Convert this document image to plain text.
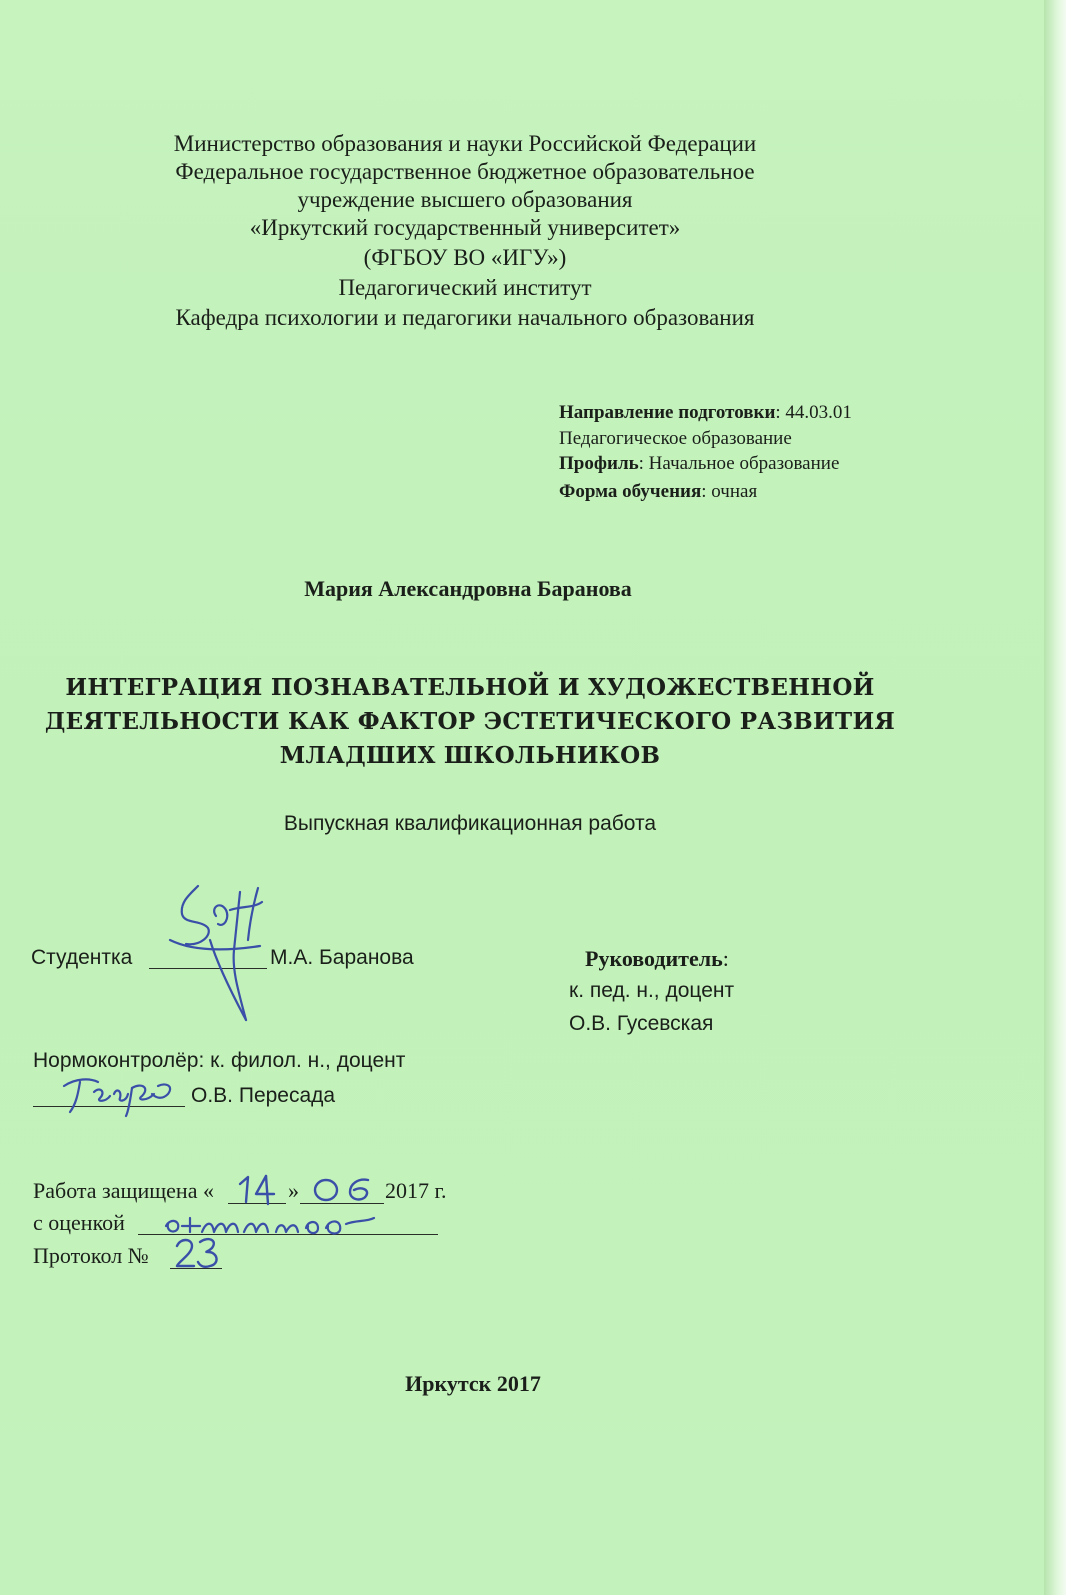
Министерство образования и науки Российской Федерации
Федеральное государственное бюджетное образовательное
учреждение высшего образования
«Иркутский государственный университет»
(ФГБОУ ВО «ИГУ»)
Педагогический институт
Кафедра психологии и педагогики начального образования
Направление подготовки: 44.03.01
Педагогическое образование
Профиль: Начальное образование
Форма обучения: очная
Мария Александровна Баранова
ИНТЕГРАЦИЯ ПОЗНАВАТЕЛЬНОЙ И ХУДОЖЕСТВЕННОЙ
ДЕЯТЕЛЬНОСТИ КАК ФАКТОР ЭСТЕТИЧЕСКОГО РАЗВИТИЯ
МЛАДШИХ ШКОЛЬНИКОВ
Выпускная квалификационная работа
Студентка	М.А. Баранова	Руководитель:
к. пед. н., доцент
О.В. Гусевская
Нормоконтролёр: к. филол. н., доцент
О.В. Пересада
Работа защищена «	»	2017 г.
с оценкой
Протокол №
Иркутск 2017
